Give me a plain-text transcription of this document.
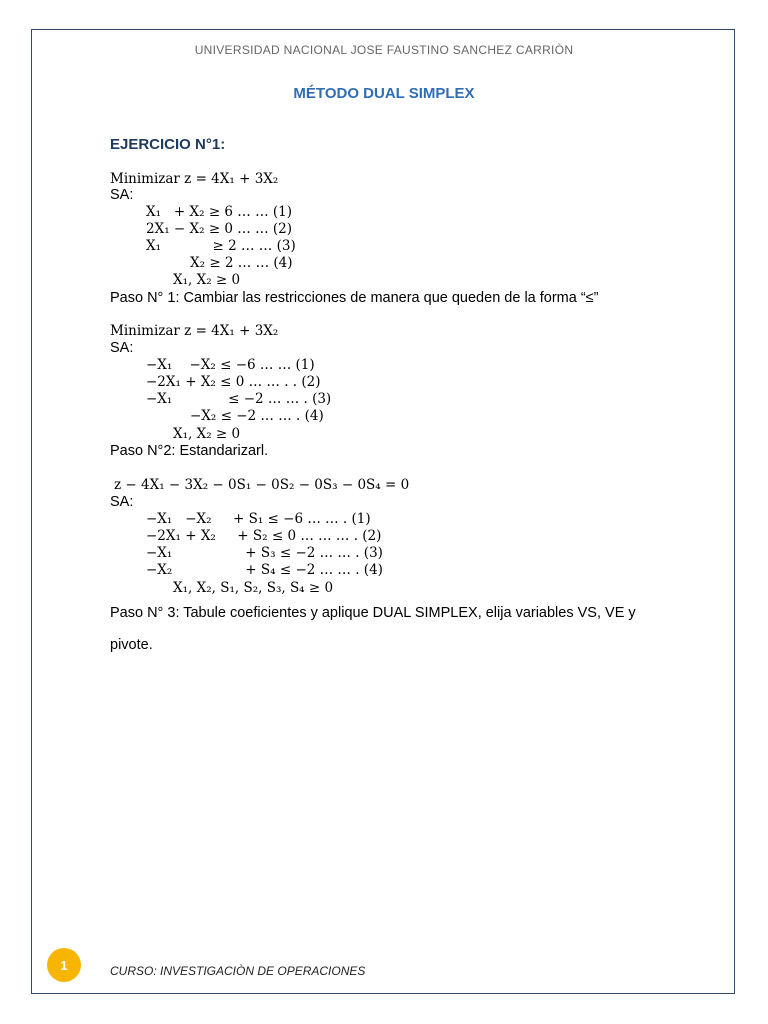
UNIVERSIDAD NACIONAL JOSE FAUSTINO SANCHEZ CARRIÒN
MÉTODO DUAL SIMPLEX
EJERCICIO N°1:
Minimizar z = 4X₁ + 3X₂
SA:
X₁   + X₂ ≥ 6 … … (1)
2X₁ − X₂ ≥ 0 … … (2)
X₁            ≥ 2 … … (3)
X₂ ≥ 2 … … (4)
X₁, X₂ ≥ 0
Paso N° 1: Cambiar las restricciones de manera que queden de la forma “≤”
Minimizar z = 4X₁ + 3X₂
SA:
−X₁    −X₂ ≤ −6 … … (1)
−2X₁ + X₂ ≤ 0 … … . . (2)
−X₁             ≤ −2 … … . (3)
−X₂ ≤ −2 … … . (4)
X₁, X₂ ≥ 0
Paso N°2: Estandarizarl.
z − 4X₁ − 3X₂ − 0S₁ − 0S₂ − 0S₃ − 0S₄ = 0
SA:
−X₁   −X₂     + S₁ ≤ −6 … … . (1)
−2X₁ + X₂     + S₂ ≤ 0 … … … . (2)
−X₁                 + S₃ ≤ −2 … … . (3)
−X₂                 + S₄ ≤ −2 … … . (4)
X₁, X₂, S₁, S₂, S₃, S₄ ≥ 0
Paso N° 3: Tabule coeficientes y aplique DUAL SIMPLEX, elija variables VS, VE y pivote.
1	CURSO: INVESTIGACIÒN DE OPERACIONES
